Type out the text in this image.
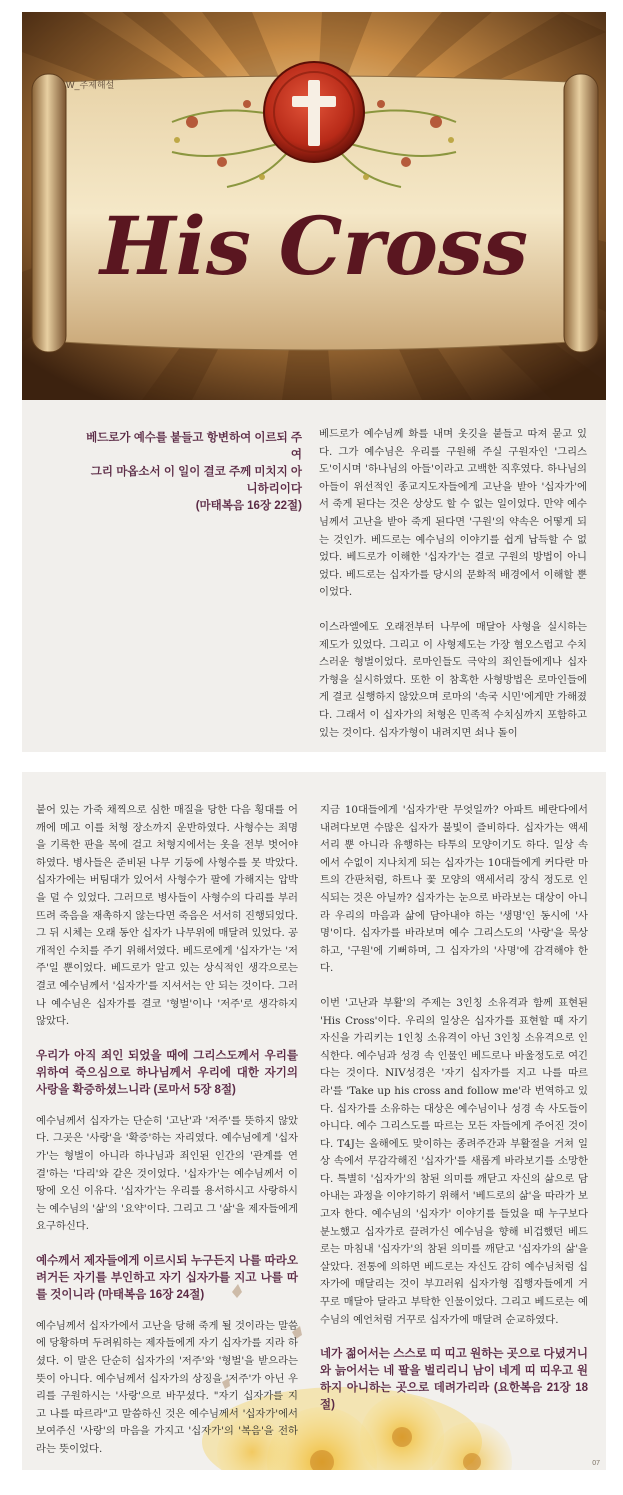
His Cross
W_주제해설
베드로가 예수를 붙들고 항변하여 이르되 주여
그리 마옵소서 이 일이 결코 주께 미치지 아니하리이다
(마태복음 16장 22절)

베드로가 예수님께 화를 내며 옷깃을 붙들고 따져 묻고 있다. 그가 예수님은 우리를 구원해 주실 구원자인 '그리스도'이시며 '하나님의 아들'이라고 고백한 직후였다. 하나님의 아들이 위선적인 종교지도자들에게 고난을 받아 '십자가'에서 죽게 된다는 것은 상상도 할 수 없는 일이었다. 만약 예수님께서 고난을 받아 죽게 된다면 '구원'의 약속은 어떻게 되는 것인가. 베드로는 예수님의 이야기를 쉽게 납득할 수 없었다. 베드로가 이해한 '십자가'는 결코 구원의 방법이 아니었다. 베드로는 십자가를 당시의 문화적 배경에서 이해할 뿐이었다.

이스라엘에도 오래전부터 나무에 매달아 사형을 실시하는 제도가 있었다. 그리고 이 사형제도는 가장 혐오스럽고 수치스러운 형벌이었다. 로마인들도 극악의 죄인들에게나 십자가형을 실시하였다. 또한 이 참혹한 사형방법은 로마인들에게 결코 실행하지 않았으며 로마의 '속국 시민'에게만 가해졌다. 그래서 이 십자가의 처형은 민족적 수치심까지 포함하고 있는 것이다. 십자가형이 내려지면 쇠나 돌이

붙어 있는 가죽 채찍으로 심한 매질을 당한 다음 횡대를 어깨에 메고 이를 처형 장소까지 운반하였다. 사형수는 죄명을 기록한 판을 목에 걸고 처형지에서는 옷을 전부 벗어야 하였다. 병사들은 준비된 나무 기둥에 사형수를 못 박았다. 십자가에는 버팀대가 있어서 사형수가 팔에 가해지는 압박을 덜 수 있었다. 그러므로 병사들이 사형수의 다리를 부러뜨려 죽음을 재촉하지 않는다면 죽음은 서서히 진행되었다. 그 뒤 시체는 오래 동안 십자가 나무위에 매달려 있었다. 공개적인 수치를 주기 위해서였다. 베드로에게 '십자가'는 '저주'일 뿐이었다. 베드로가 알고 있는 상식적인 생각으로는 결코 예수님께서 '십자가'를 지셔서는 안 되는 것이다. 그러나 예수님은 십자가를 결코 '형벌'이나 '저주'로 생각하지 않았다.

우리가 아직 죄인 되었을 때에 그리스도께서 우리를 위하여 죽으심으로 하나님께서 우리에 대한 자기의 사랑을 확증하셨느니라 (로마서 5장 8절)

예수님께서 십자가는 단순히 '고난'과 '저주'를 뜻하지 않았다. 그곳은 '사랑'을 '확증'하는 자리였다. 예수님에게 '십자가'는 형벌이 아니라 하나님과 죄인된 인간의 '관계를 연결'하는 '다리'와 같은 것이었다. '십자가'는 예수님께서 이 땅에 오신 이유다. '십자가'는 우리를 용서하시고 사랑하시는 예수님의 '삶'의 '요약'이다. 그리고 그 '삶'을 제자들에게 요구하신다.

예수께서 제자들에게 이르시되 누구든지 나를 따라오려거든 자기를 부인하고 자기 십자가를 지고 나를 따를 것이니라 (마태복음 16장 24절)

예수님께서 십자가에서 고난을 당해 죽게 될 것이라는 말씀에 당황하며 두려워하는 제자들에게 자기 십자가를 지라 하셨다. 이 말은 단순히 십자가의 '저주'와 '형벌'을 받으라는 뜻이 아니다. 예수님께서 십자가의 상징을 '저주'가 아닌 우리를 구원하시는 '사랑'으로 바꾸셨다. "자기 십자가를 지고 나를 따르라"고 말씀하신 것은 예수님께서 '십자가'에서 보여주신 '사랑'의 마음을 가지고 '십자가'의 '복음'을 전하라는 뜻이었다.

지금 10대들에게 '십자가'란 무엇일까? 아파트 베란다에서 내려다보면 수많은 십자가 불빛이 즐비하다. 십자가는 액세서리 뿐 아니라 유행하는 타투의 모양이기도 하다. 일상 속에서 수없이 지나치게 되는 십자가는 10대들에게 커다란 마트의 간판처럼, 하트나 꽃 모양의 액세서리 장식 정도로 인식되는 것은 아닐까? 십자가는 눈으로 바라보는 대상이 아니라 우리의 마음과 삶에 담아내야 하는 '생명'인 동시에 '사명'이다. 십자가를 바라보며 예수 그리스도의 '사랑'을 묵상하고, '구원'에 기뻐하며, 그 십자가의 '사명'에 감격해야 한다.

이번 '고난과 부활'의 주제는 3인칭 소유격과 함께 표현된 'His Cross'이다. 우리의 일상은 십자가를 표현할 때 자기 자신을 가리키는 1인칭 소유격이 아닌 3인칭 소유격으로 인식한다. 예수님과 성경 속 인물인 베드로나 바울정도로 여긴다는 것이다. NIV성경은 '자기 십자가를 지고 나를 따르라'를 'Take up his cross and follow me'라 번역하고 있다. 십자가를 소유하는 대상은 예수님이나 성경 속 사도들이 아니다. 예수 그리스도를 따르는 모든 자들에게 주어진 것이다. T4J는 올해에도 맞이하는 종려주간과 부활절을 거쳐 일상 속에서 무감각해진 '십자가'를 새롭게 바라보기를 소망한다. 특별히 '십자가'의 참된 의미를 깨닫고 자신의 삶으로 담아내는 과정을 이야기하기 위해서 '베드로의 삶'을 따라가 보고자 한다. 예수님의 '십자가' 이야기를 들었을 때 누구보다 분노했고 십자가로 끌려가신 예수님을 향해 비겁했던 베드로는 마침내 '십자가'의 참된 의미를 깨닫고 '십자가의 삶'을 살았다. 전통에 의하면 베드로는 자신도 감히 예수님처럼 십자가에 매달리는 것이 부끄러워 십자가형 집행자들에게 거꾸로 매달아 달라고 부탁한 인물이었다. 그리고 베드로는 예수님의 예언처럼 거꾸로 십자가에 매달려 순교하였다.

네가 젊어서는 스스로 띠 띠고 원하는 곳으로 다녔거니와 늙어서는 네 팔을 벌리리니 남이 네게 띠 띠우고 원하지 아니하는 곳으로 데려가리라 (요한복음 21장 18절)
07
